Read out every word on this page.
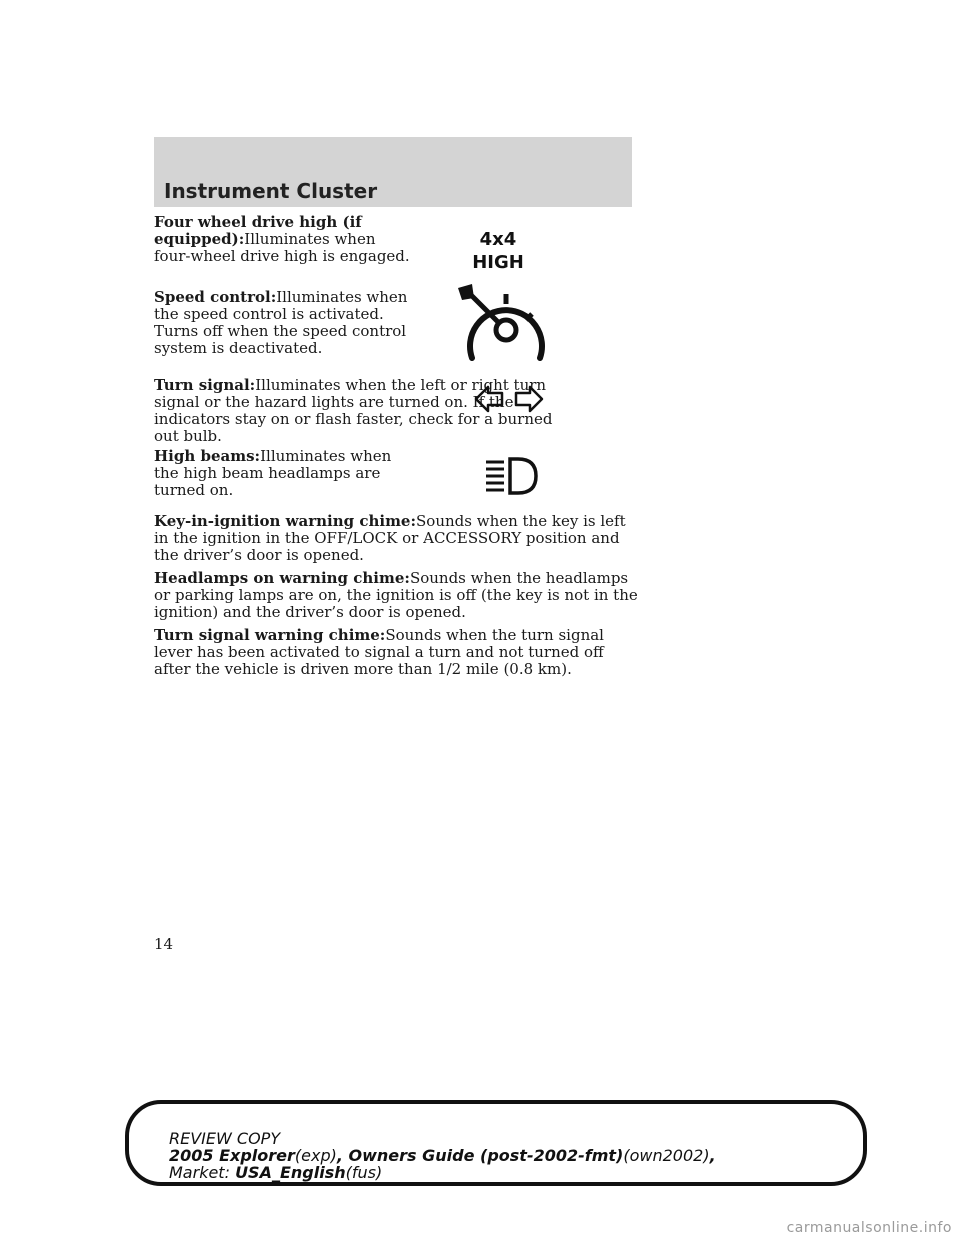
Instrument Cluster

Four wheel drive high (if equipped):Illuminates when four-wheel drive high is engaged.

Speed control:Illuminates when the speed control is activated. Turns off when the speed control system is deactivated.

Turn signal:Illuminates when the left or right turn signal or the hazard lights are turned on. If the indicators stay on or flash faster, check for a burned out bulb.

High beams:Illuminates when the high beam headlamps are turned on.

Key-in-ignition warning chime:Sounds when the key is left in the ignition in the OFF/LOCK or ACCESSORY position and the driver’s door is opened.

Headlamps on warning chime:Sounds when the headlamps or parking lamps are on, the ignition is off (the key is not in the ignition) and the driver’s door is opened.

Turn signal warning chime:Sounds when the turn signal lever has been activated to signal a turn and not turned off after the vehicle is driven more than 1/2 mile (0.8 km).

4x4
HIGH
14
REVIEW COPY
2005 Explorer(exp), Owners Guide (post-2002-fmt)(own2002),
Market: USA_English(fus)
carmanualsonline.info
